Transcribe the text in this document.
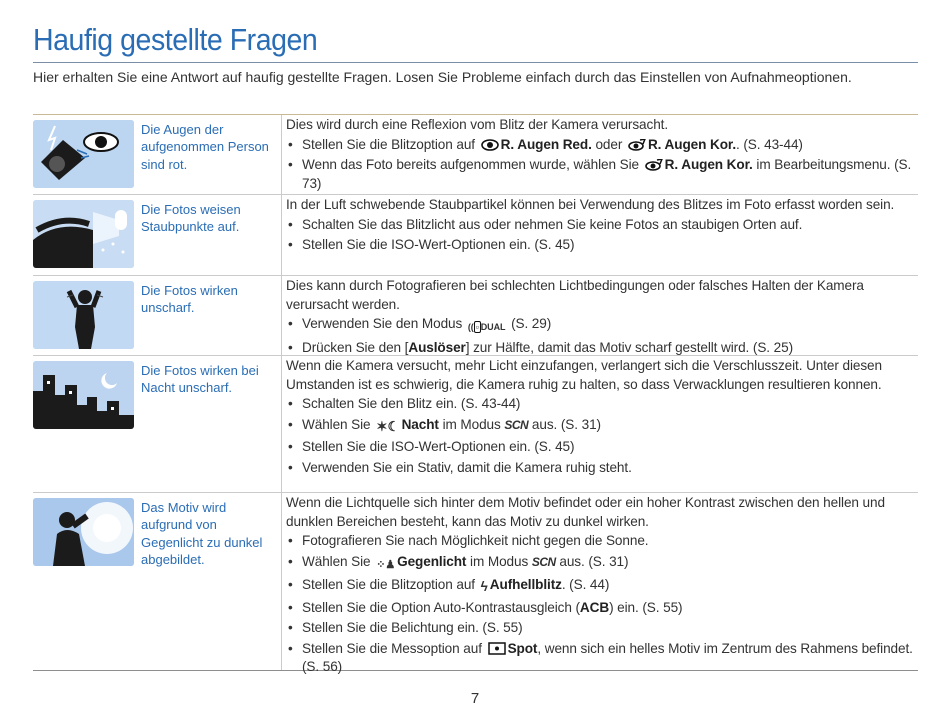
Haufig gestellte Fragen
Hier erhalten Sie eine Antwort auf haufig gestellte Fragen. Losen Sie Probleme einfach durch das Einstellen von Aufnahmeoptionen.
Die Augen der aufgenommen Person sind rot.

Dies wird durch eine Reflexion vom Blitz der Kamera verursacht.

• Stellen Sie die Blitzoption auf R. Augen Red. oder R. Augen Kor.. (S. 43-44)
• Wenn das Foto bereits aufgenommen wurde, wählen Sie R. Augen Kor. im Bearbeitungsmenu. (S. 73)
Die Fotos weisen Staubpunkte auf.

In der Luft schwebende Staubpartikel können bei Verwendung des Blitzes im Foto erfasst worden sein.

• Schalten Sie das Blitzlicht aus oder nehmen Sie keine Fotos an staubigen Orten auf.
• Stellen Sie die ISO-Wert-Optionen ein. (S. 45)
Die Fotos wirken unscharf.

Dies kann durch Fotografieren bei schlechten Lichtbedingungen oder falsches Halten der Kamera verursacht werden.

• Verwenden Sie den Modus (( ▫ DUAL (S. 29)
• Drücken Sie den [Auslöser] zur Hälfte, damit das Motiv scharf gestellt wird. (S. 25)
Die Fotos wirken bei Nacht unscharf.

Wenn die Kamera versucht, mehr Licht einzufangen, verlangert sich die Verschlusszeit. Unter diesen Umstanden ist es schwierig, die Kamera ruhig zu halten, so dass Verwacklungen resultieren konnen.

• Schalten Sie den Blitz ein. (S. 43-44)
• Wählen Sie ✶☾ Nacht im Modus SCN aus. (S. 31)
• Stellen Sie die ISO-Wert-Optionen ein. (S. 45)
• Verwenden Sie ein Stativ, damit die Kamera ruhig steht.
Das Motiv wird aufgrund von Gegenlicht zu dunkel abgebildet.

Wenn die Lichtquelle sich hinter dem Motiv befindet oder ein hoher Kontrast zwischen den hellen und dunklen Bereichen besteht, kann das Motiv zu dunkel wirken.

• Fotografieren Sie nach Möglichkeit nicht gegen die Sonne.
• Wählen Sie ⁘♟ Gegenlicht im Modus SCN aus. (S. 31)
• Stellen Sie die Blitzoption auf ϟ Aufhellblitz. (S. 44)
• Stellen Sie die Option Auto-Kontrastausgleich (ACB) ein. (S. 55)
• Stellen Sie die Belichtung ein. (S. 55)
• Stellen Sie die Messoption auf Spot, wenn sich ein helles Motiv im Zentrum des Rahmens befindet. (S. 56)
7
